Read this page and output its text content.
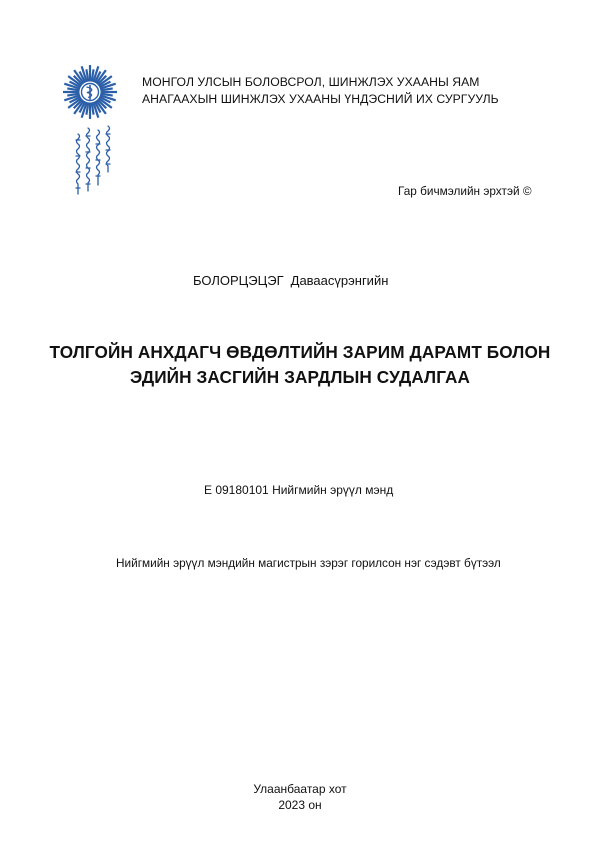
МОНГОЛ УЛСЫН БОЛОВСРОЛ, ШИНЖЛЭХ УХААНЫ ЯАМ
АНАГААХЫН ШИНЖЛЭХ УХААНЫ ҮНДЭСНИЙ ИХ СУРГУУЛЬ
Гар бичмэлийн эрхтэй ©
БОЛОРЦЭЦЭГ Даваасүрэнгийн
ТОЛГОЙН АНХДАГЧ ӨВДӨЛТИЙН ЗАРИМ ДАРАМТ БОЛОН
ЭДИЙН ЗАСГИЙН ЗАРДЛЫН СУДАЛГАА
Е 09180101 Нийгмийн эрүүл мэнд
Нийгмийн эрүүл мэндийн магистрын зэрэг горилсон нэг сэдэвт бүтээл
Улаанбаатар хот
2023 он
